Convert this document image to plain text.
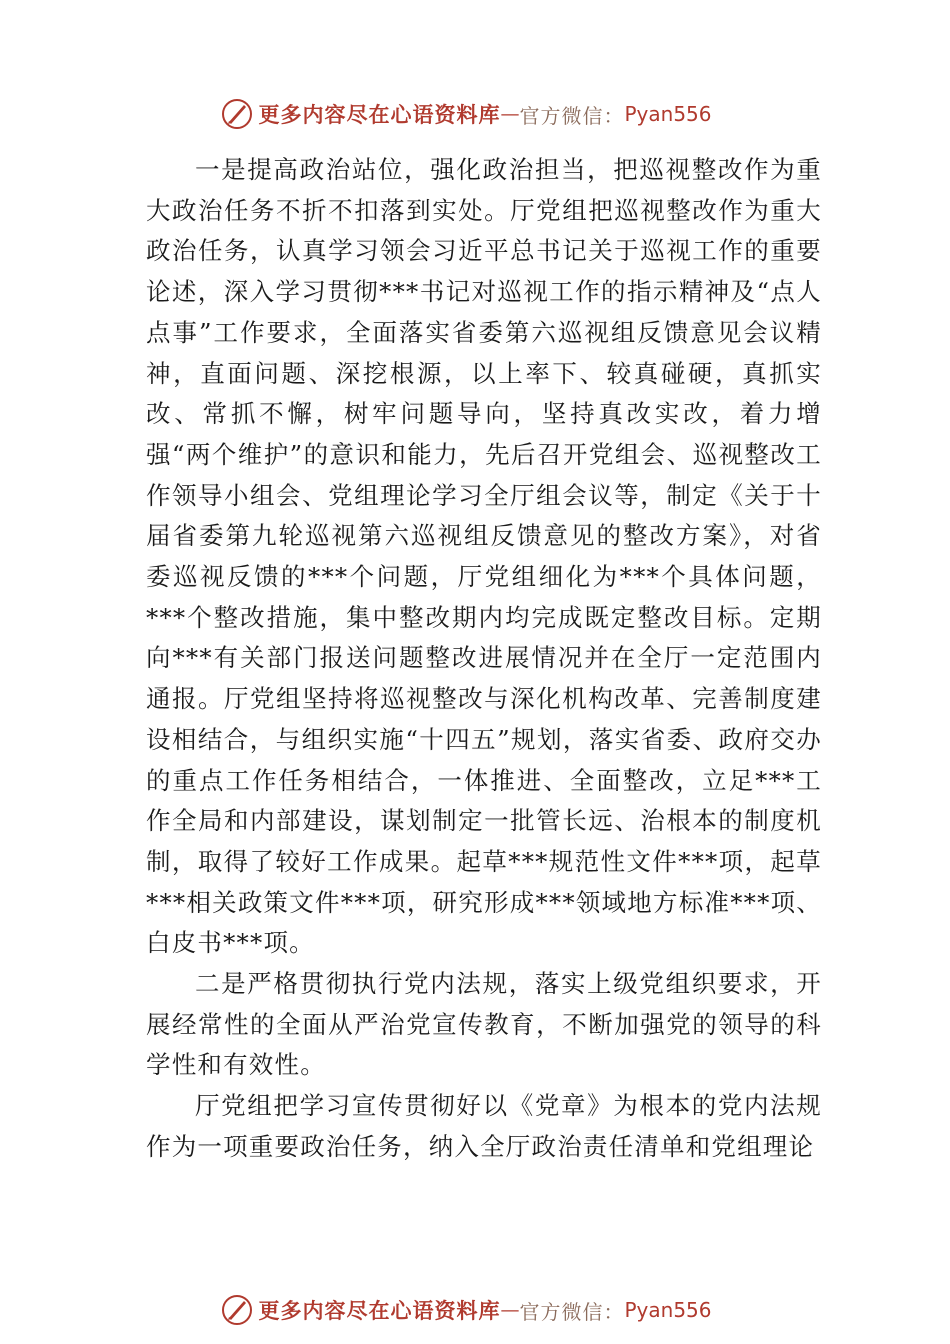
更多内容尽在心语资料库 — 官方微信： Pyan556

一是提高政治站位，强化政治担当，把巡视整改作为重大政治任务不折不扣落到实处。厅党组把巡视整改作为重大政治任务，认真学习领会习近平总书记关于巡视工作的重要论述，深入学习贯彻***书记对巡视工作的指示精神及“点人点事”工作要求，全面落实省委第六巡视组反馈意见会议精神，直面问题、深挖根源，以上率下、较真碰硬，真抓实改、常抓不懈，树牢问题导向，坚持真改实改，着力增强“两个维护”的意识和能力，先后召开党组会、巡视整改工作领导小组会、党组理论学习全厅组会议等，制定《关于十届省委第九轮巡视第六巡视组反馈意见的整改方案》，对省委巡视反馈的***个问题，厅党组细化为***个具体问题，***个整改措施，集中整改期内均完成既定整改目标。定期向***有关部门报送问题整改进展情况并在全厅一定范围内通报。厅党组坚持将巡视整改与深化机构改革、完善制度建设相结合，与组织实施“十四五”规划，落实省委、政府交办的重点工作任务相结合，一体推进、全面整改，立足***工作全局和内部建设，谋划制定一批管长远、治根本的制度机制，取得了较好工作成果。起草***规范性文件***项，起草***相关政策文件***项，研究形成***领域地方标准***项、白皮书***项。

二是严格贯彻执行党内法规，落实上级党组织要求，开展经常性的全面从严治党宣传教育，不断加强党的领导的科学性和有效性。

厅党组把学习宣传贯彻好以《党章》为根本的党内法规作为一项重要政治任务，纳入全厅政治责任清单和党组理论

更多内容尽在心语资料库 — 官方微信： Pyan556
